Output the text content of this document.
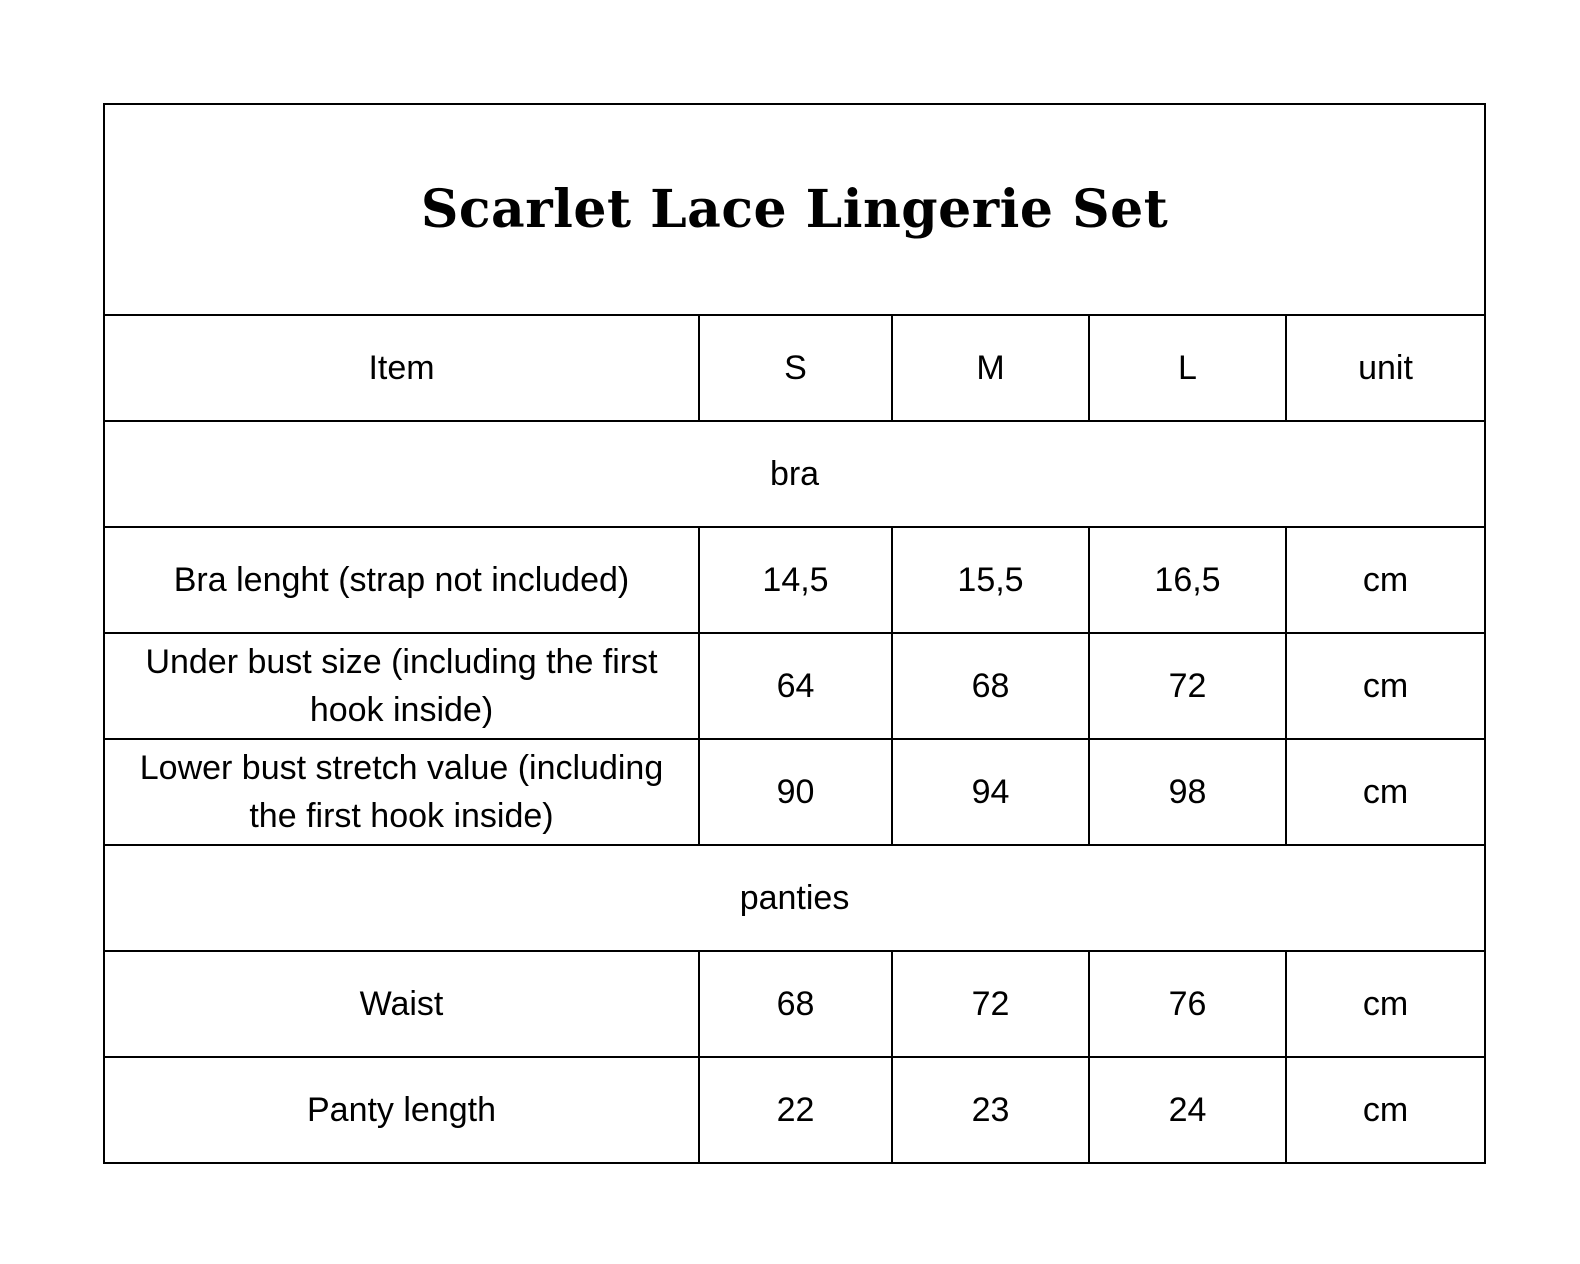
Scarlet Lace Lingerie Set				
Item	S	M	L	unit
bra				
Bra lenght (strap not included)	14,5	15,5	16,5	cm
Under bust size (including the first hook inside)	64	68	72	cm
Lower bust stretch value (including the first hook inside)	90	94	98	cm
panties				
Waist	68	72	76	cm
Panty length	22	23	24	cm
